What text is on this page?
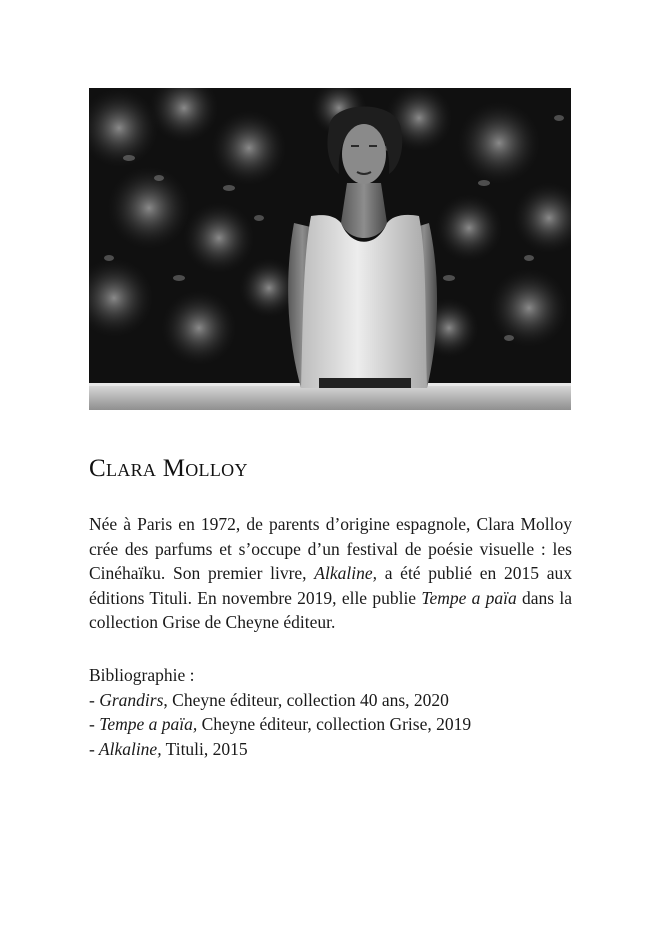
Clara Molloy

Née à Paris en 1972, de parents d’origine espagnole, Clara Molloy crée des parfums et s’occupe d’un festival de poésie visuelle : les Cinéhaïku. Son premier livre, Alkaline, a été publié en 2015 aux éditions Tituli. En novembre 2019, elle publie Tempe a païa dans la collection Grise de Cheyne éditeur.

Bibliographie :
- Grandirs, Cheyne éditeur, collection 40 ans, 2020
- Tempe a païa, Cheyne éditeur, collection Grise, 2019
- Alkaline, Tituli, 2015
